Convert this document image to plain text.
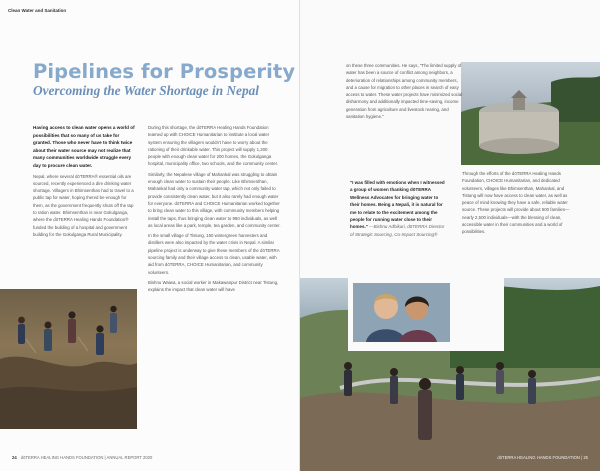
Clean Water and Sanitation
Pipelines for Prosperity
Overcoming the Water Shortage in Nepal

Having access to clean water opens a world of possibilities that so many of us take for granted. Those who never have to think twice about their water source may not realize that many communities worldwide struggle every day to procure clean water.

Nepal, where several dōTERRA® essential oils are sourced, recently experienced a dire drinking water shortage. Villagers in Bhimsenthan had to travel to a public tap for water, hoping thered be enough for them, as the government frequently shuts off the tap to ration water. Bhimsenthan is near Gokulganga, where the dōTERRA Healing Hands Foundation® funded the building of a hospital and government building for the Gokulganga Rural Municipality.

During this shortage, the dōTERRA Healing Hands Foundation teamed up with CHOICE Humanitarian to institute a local water system ensuring the villagers wouldn't have to worry about the rationing of their drinkable water. This project will supply 1,200 people with enough clean water for 200 homes, the Gokulganga hospital, municipality office, two schools, and the community center.

Similarly, the Nepalese village of Mahankal was struggling to obtain enough clean water to sustain their people. Like Bhimsenthan, Mahankal had only a community water tap, which not only failed to provide consistently clean water, but it also rarely had enough water for everyone. dōTERRA and CHOICE Humanitarian worked together to bring clean water to this village, with community members helping install the taps, thus bringing clean water to 950 individuals, as well as local areas like a park, temple, tea garden, and community center.

In the small village of Tistung, 150 wintergreen harvesters and distillers were also impacted by the water crisis in Nepal. A similar pipeline project is underway to give these members of the dōTERRA sourcing family and their village access to clean, usable water, with aid from dōTERRA, CHOICE Humanitarian, and community volunteers.

Bishnu Waiwa, a social worker in Makawanpur District near Tistung, explains the impact that clean water will have

24 dōTERRA HEALING HANDS FOUNDATION | ANNUAL REPORT 2020	dōTERRA HEALING HANDS FOUNDATION | 25

on these three communities. He says, "The limited supply of water has been a source of conflict among neighbors, a deterioration of relationships among community members, and a cause for migration to other places in search of easy access to water. These water projects have minimized social disharmony and additionally impacted time-saving, income generation from agriculture and livestock rearing, and sanitation hygiene."

"I was filled with emotions when I witnessed a group of women thanking dōTERRA Wellness Advocates for bringing water to their homes. Being a Nepali, it is natural for me to relate to the excitement among the people for running water close to their homes." —Bishnu Adhikari, dōTERRA Director of Strategic Sourcing, Co-Impact Sourcing®

Through the efforts of the dōTERRA Healing Hands Foundation, CHOICE Humanitarian, and dedicated volunteers, villages like Bhimsenthan, Mahankal, and Tistung will now have access to clean water, as well as peace of mind knowing they have a safe, reliable water source. These projects will provide about 500 families—nearly 2,500 individuals—with the blessing of clean, accessible water in their communities and a world of possibilities.
